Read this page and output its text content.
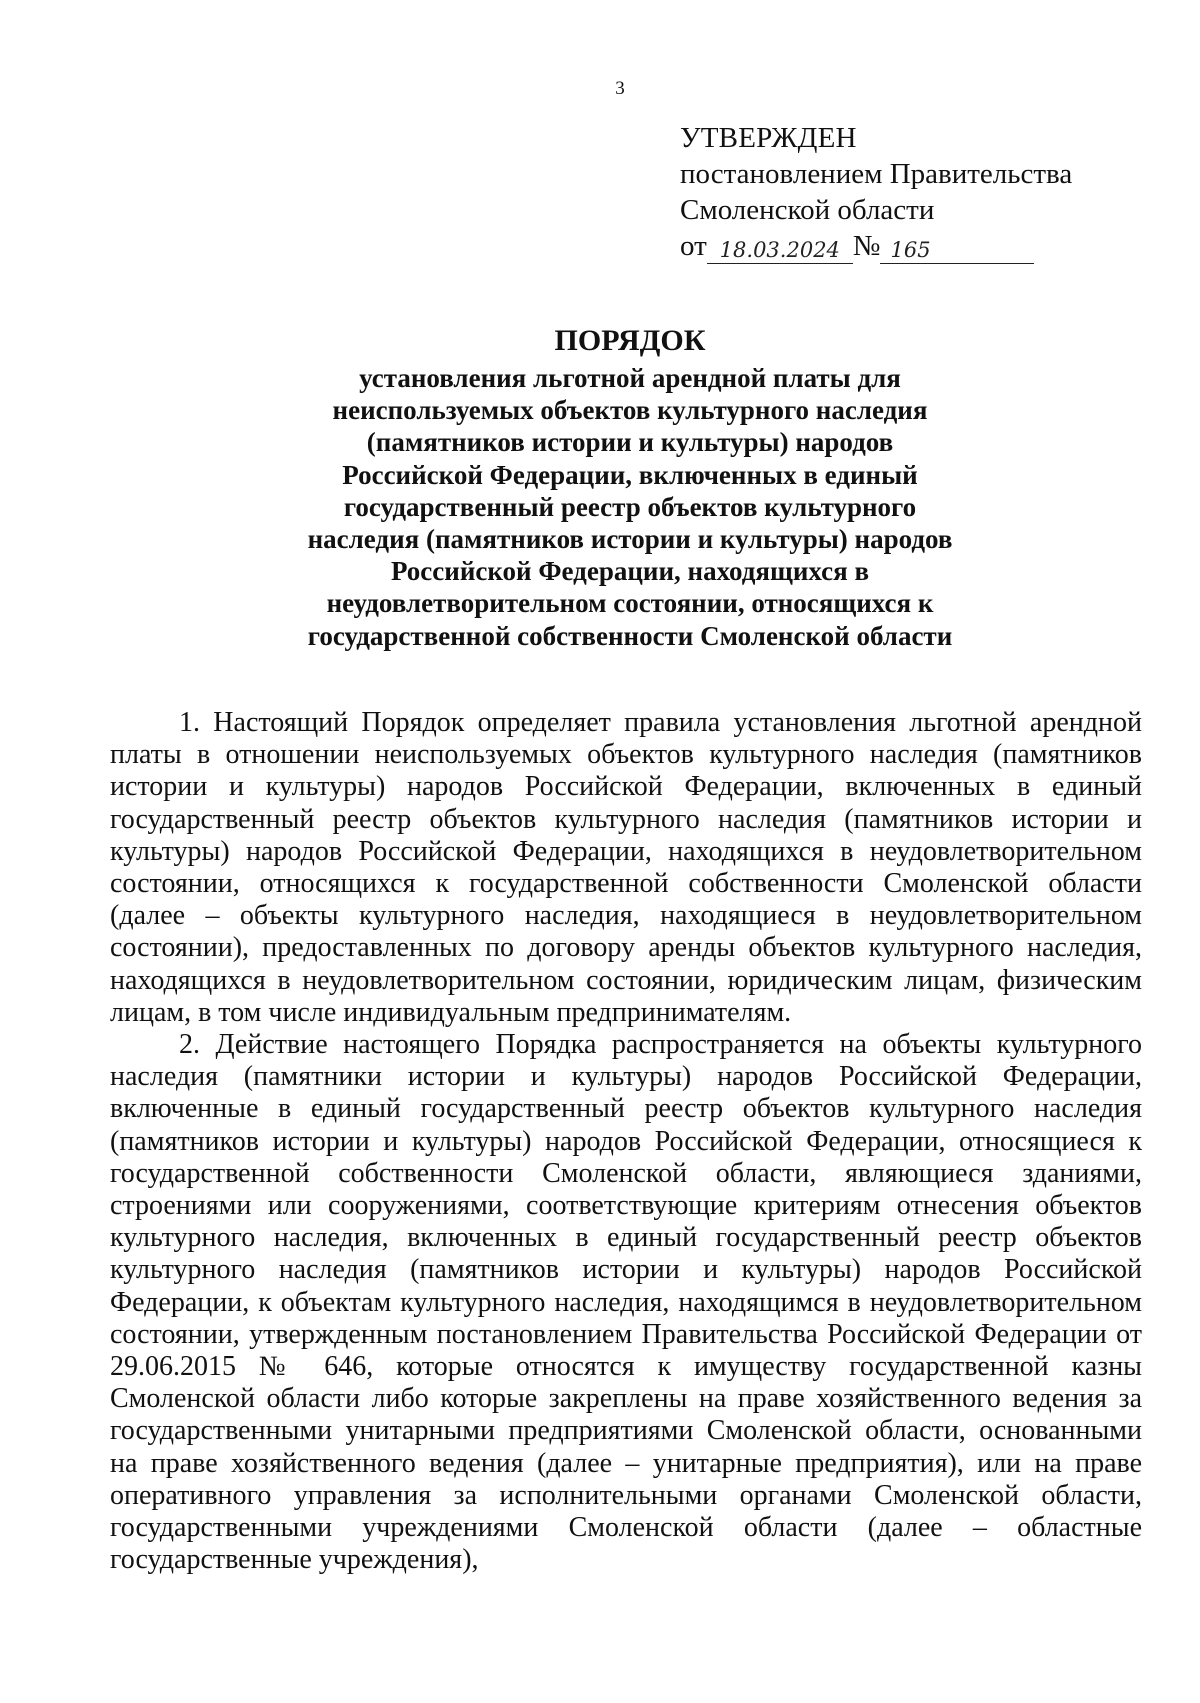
3
УТВЕРЖДЕН
постановлением Правительства
Смоленской области
от 18.03.2024 № 165
ПОРЯДОК
установления льготной арендной платы для
неиспользуемых объектов культурного наследия
(памятников истории и культуры) народов
Российской Федерации, включенных в единый
государственный реестр объектов культурного
наследия (памятников истории и культуры) народов
Российской Федерации, находящихся в
неудовлетворительном состоянии, относящихся к
государственной собственности Смоленской области

1. Настоящий Порядок определяет правила установления льготной арендной платы в отношении неиспользуемых объектов культурного наследия (памятников истории и культуры) народов Российской Федерации, включенных в единый государственный реестр объектов культурного наследия (памятников истории и культуры) народов Российской Федерации, находящихся в неудовлетворительном состоянии, относящихся к государственной собственности Смоленской области (далее – объекты культурного наследия, находящиеся в неудовлетворительном состоянии), предоставленных по договору аренды объектов культурного наследия, находящихся в неудовлетворительном состоянии, юридическим лицам, физическим лицам, в том числе индивидуальным предпринимателям.

2. Действие настоящего Порядка распространяется на объекты культурного наследия (памятники истории и культуры) народов Российской Федерации, включенные в единый государственный реестр объектов культурного наследия (памятников истории и культуры) народов Российской Федерации, относящиеся к государственной собственности Смоленской области, являющиеся зданиями, строениями или сооружениями, соответствующие критериям отнесения объектов культурного наследия, включенных в единый государственный реестр объектов культурного наследия (памятников истории и культуры) народов Российской Федерации, к объектам культурного наследия, находящимся в неудовлетворительном состоянии, утвержденным постановлением Правительства Российской Федерации от 29.06.2015 № 646, которые относятся к имуществу государственной казны Смоленской области либо которые закреплены на праве хозяйственного ведения за государственными унитарными предприятиями Смоленской области, основанными на праве хозяйственного ведения (далее – унитарные предприятия), или на праве оперативного управления за исполнительными органами Смоленской области, государственными учреждениями Смоленской области (далее – областные государственные учреждения),
